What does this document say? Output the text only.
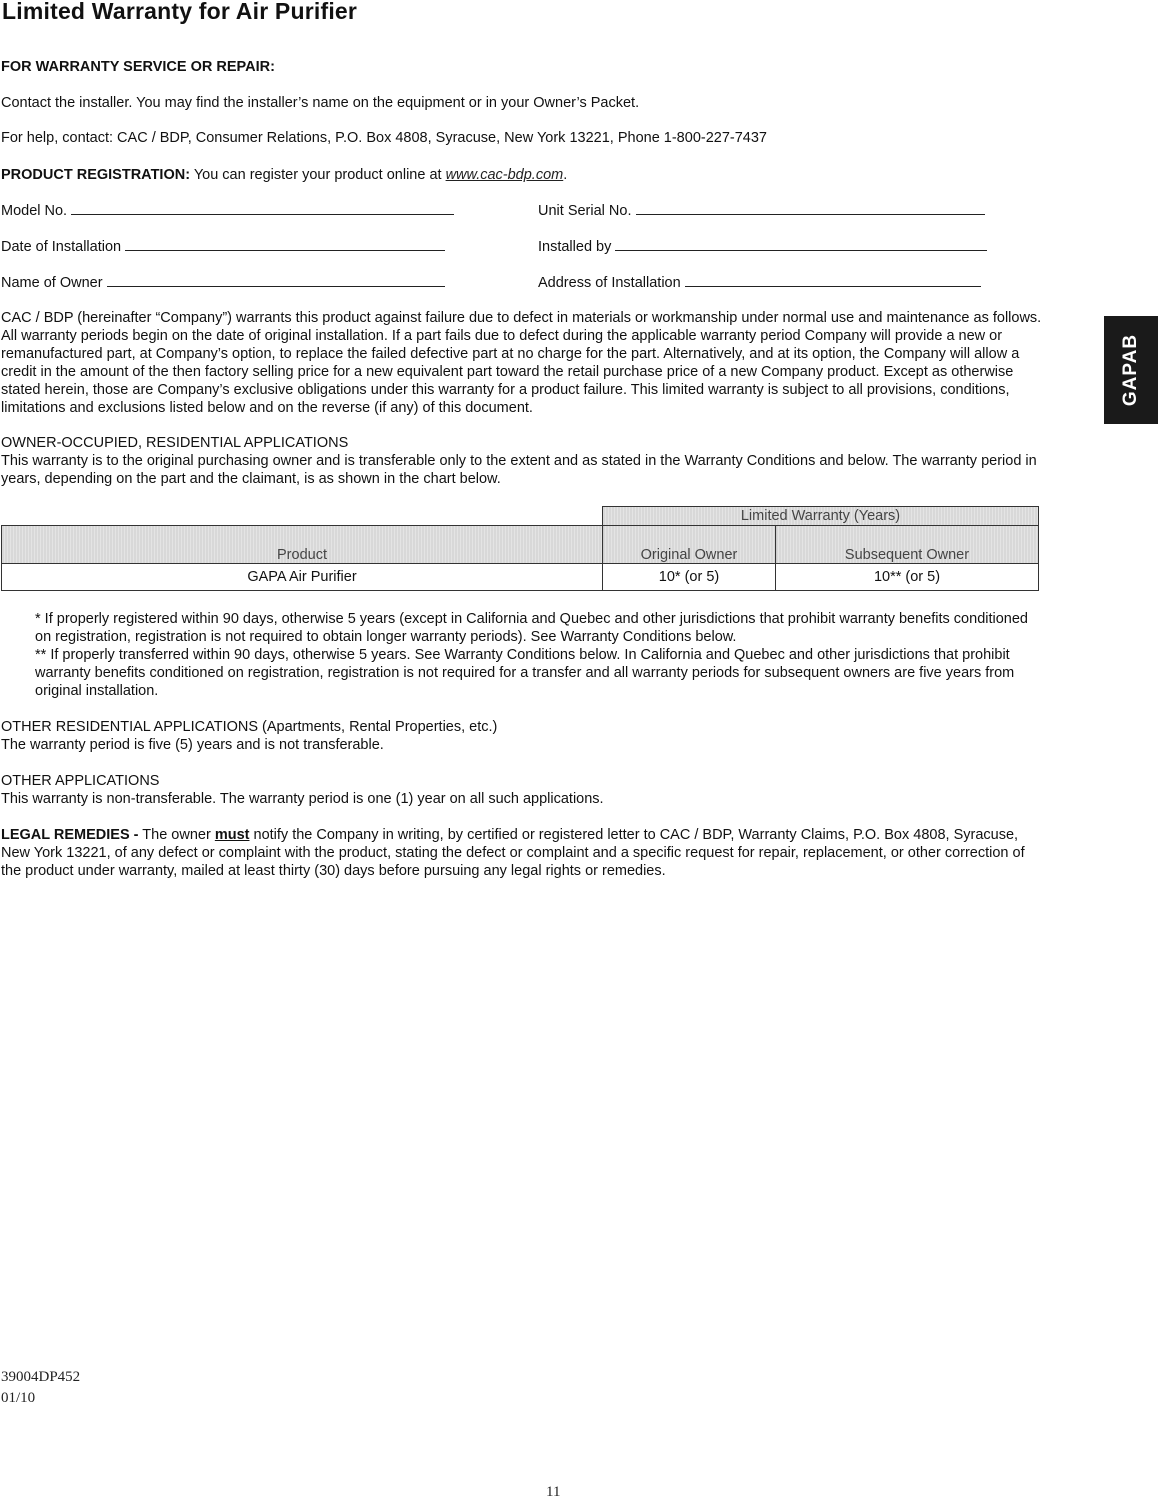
Limited Warranty for Air Purifier
FOR WARRANTY SERVICE OR REPAIR:
Contact the installer. You may find the installer’s name on the equipment or in your Owner’s Packet.
For help, contact: CAC / BDP, Consumer Relations, P.O. Box 4808, Syracuse, New York 13221, Phone 1-800-227-7437
PRODUCT REGISTRATION: You can register your product online at www.cac-bdp.com.
Model No.	Unit Serial No.
Date of Installation	Installed by
Name of Owner	Address of Installation
CAC / BDP (hereinafter “Company”) warrants this product against failure due to defect in materials or workmanship under normal use and maintenance as follows. All warranty periods begin on the date of original installation. If a part fails due to defect during the applicable warranty period Company will provide a new or remanufactured part, at Company’s option, to replace the failed defective part at no charge for the part. Alternatively, and at its option, the Company will allow a credit in the amount of the then factory selling price for a new equivalent part toward the retail purchase price of a new Company product. Except as otherwise stated herein, those are Company’s exclusive obligations under this warranty for a product failure. This limited warranty is subject to all provisions, conditions, limitations and exclusions listed below and on the reverse (if any) of this document.
OWNER-OCCUPIED, RESIDENTIAL APPLICATIONS
This warranty is to the original purchasing owner and is transferable only to the extent and as stated in the Warranty Conditions and below. The warranty period in years, depending on the part and the claimant, is as shown in the chart below.
GAPAB
	Limited Warranty (Years)	
Product	Original Owner	Subsequent Owner
GAPA Air Purifier	10* (or 5)	10** (or 5)
* If properly registered within 90 days, otherwise 5 years (except in California and Quebec and other jurisdictions that prohibit warranty benefits conditioned on registration, registration is not required to obtain longer warranty periods). See Warranty Conditions below.
** If properly transferred within 90 days, otherwise 5 years. See Warranty Conditions below. In California and Quebec and other jurisdictions that prohibit warranty benefits conditioned on registration, registration is not required for a transfer and all warranty periods for subsequent owners are five years from original installation.
OTHER RESIDENTIAL APPLICATIONS (Apartments, Rental Properties, etc.)
The warranty period is five (5) years and is not transferable.
OTHER APPLICATIONS
This warranty is non-transferable. The warranty period is one (1) year on all such applications.
LEGAL REMEDIES - The owner must notify the Company in writing, by certified or registered letter to CAC / BDP, Warranty Claims, P.O. Box 4808, Syracuse, New York 13221, of any defect or complaint with the product, stating the defect or complaint and a specific request for repair, replacement, or other correction of the product under warranty, mailed at least thirty (30) days before pursuing any legal rights or remedies.
39004DP452
01/10
11
